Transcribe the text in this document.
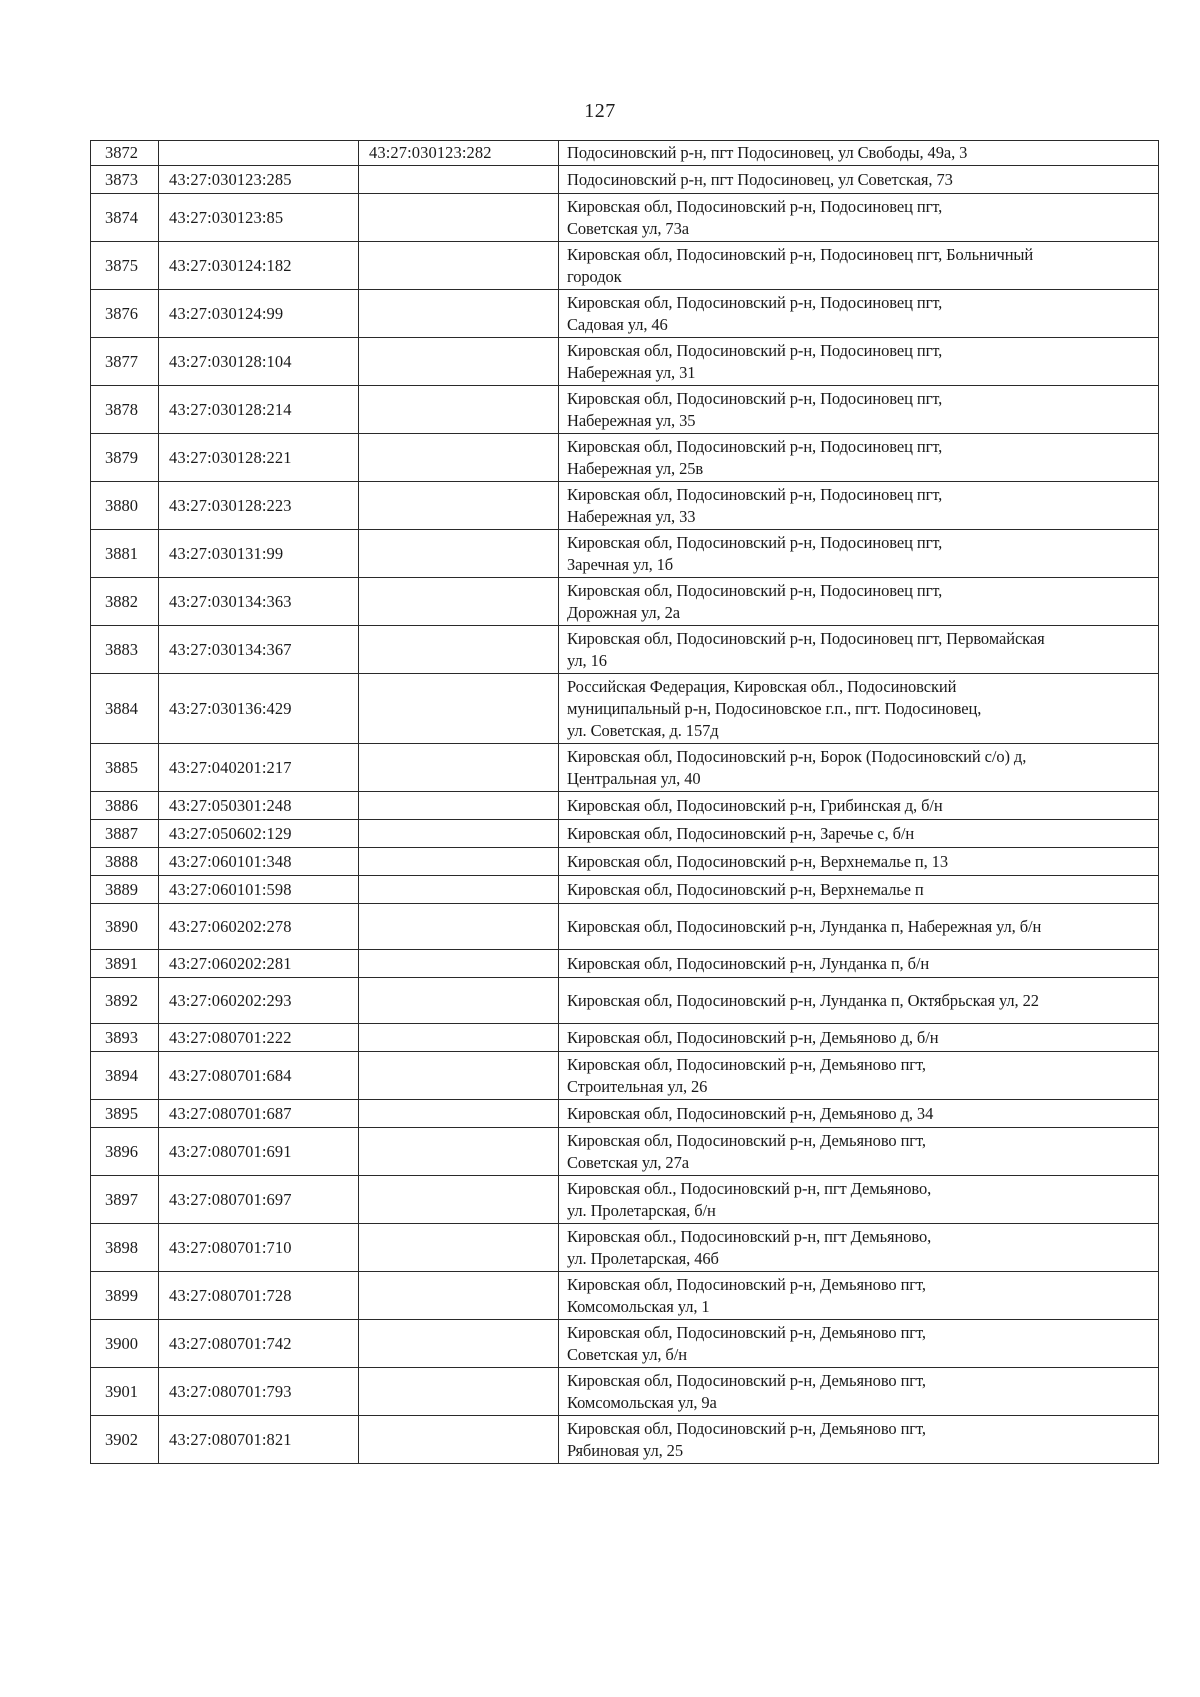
127
3872		43:27:030123:282	Подосиновский р-н, пгт Подосиновец, ул Свободы, 49а, 3
3873	43:27:030123:285		Подосиновский р-н, пгт Подосиновец, ул Советская, 73
3874	43:27:030123:85		Кировская обл, Подосиновский р-н, Подосиновец пгт,
Советская ул, 73а
3875	43:27:030124:182		Кировская обл, Подосиновский р-н, Подосиновец пгт, Больничный
городок
3876	43:27:030124:99		Кировская обл, Подосиновский р-н, Подосиновец пгт,
Садовая ул, 46
3877	43:27:030128:104		Кировская обл, Подосиновский р-н, Подосиновец пгт,
Набережная ул, 31
3878	43:27:030128:214		Кировская обл, Подосиновский р-н, Подосиновец пгт,
Набережная ул, 35
3879	43:27:030128:221		Кировская обл, Подосиновский р-н, Подосиновец пгт,
Набережная ул, 25в
3880	43:27:030128:223		Кировская обл, Подосиновский р-н, Подосиновец пгт,
Набережная ул, 33
3881	43:27:030131:99		Кировская обл, Подосиновский р-н, Подосиновец пгт,
Заречная ул, 1б
3882	43:27:030134:363		Кировская обл, Подосиновский р-н, Подосиновец пгт,
Дорожная ул, 2а
3883	43:27:030134:367		Кировская обл, Подосиновский р-н, Подосиновец пгт, Первомайская
ул, 16
3884	43:27:030136:429		Российская Федерация, Кировская обл., Подосиновский
муниципальный р-н, Подосиновское г.п., пгт. Подосиновец,
ул. Советская, д. 157д
3885	43:27:040201:217		Кировская обл, Подосиновский р-н, Борок (Подосиновский с/о) д,
Центральная ул, 40
3886	43:27:050301:248		Кировская обл, Подосиновский р-н, Грибинская д, б/н
3887	43:27:050602:129		Кировская обл, Подосиновский р-н, Заречье с, б/н
3888	43:27:060101:348		Кировская обл, Подосиновский р-н, Верхнемалье п, 13
3889	43:27:060101:598		Кировская обл, Подосиновский р-н, Верхнемалье п
3890	43:27:060202:278		Кировская обл, Подосиновский р-н, Лунданка п, Набережная ул, б/н
3891	43:27:060202:281		Кировская обл, Подосиновский р-н, Лунданка п, б/н
3892	43:27:060202:293		Кировская обл, Подосиновский р-н, Лунданка п, Октябрьская ул, 22
3893	43:27:080701:222		Кировская обл, Подосиновский р-н, Демьяново д, б/н
3894	43:27:080701:684		Кировская обл, Подосиновский р-н, Демьяново пгт,
Строительная ул, 26
3895	43:27:080701:687		Кировская обл, Подосиновский р-н, Демьяново д, 34
3896	43:27:080701:691		Кировская обл, Подосиновский р-н, Демьяново пгт,
Советская ул, 27а
3897	43:27:080701:697		Кировская обл., Подосиновский р-н, пгт Демьяново,
ул. Пролетарская, б/н
3898	43:27:080701:710		Кировская обл., Подосиновский р-н, пгт Демьяново,
ул. Пролетарская, 46б
3899	43:27:080701:728		Кировская обл, Подосиновский р-н, Демьяново пгт,
Комсомольская ул, 1
3900	43:27:080701:742		Кировская обл, Подосиновский р-н, Демьяново пгт,
Советская ул, б/н
3901	43:27:080701:793		Кировская обл, Подосиновский р-н, Демьяново пгт,
Комсомольская ул, 9а
3902	43:27:080701:821		Кировская обл, Подосиновский р-н, Демьяново пгт,
Рябиновая ул, 25
